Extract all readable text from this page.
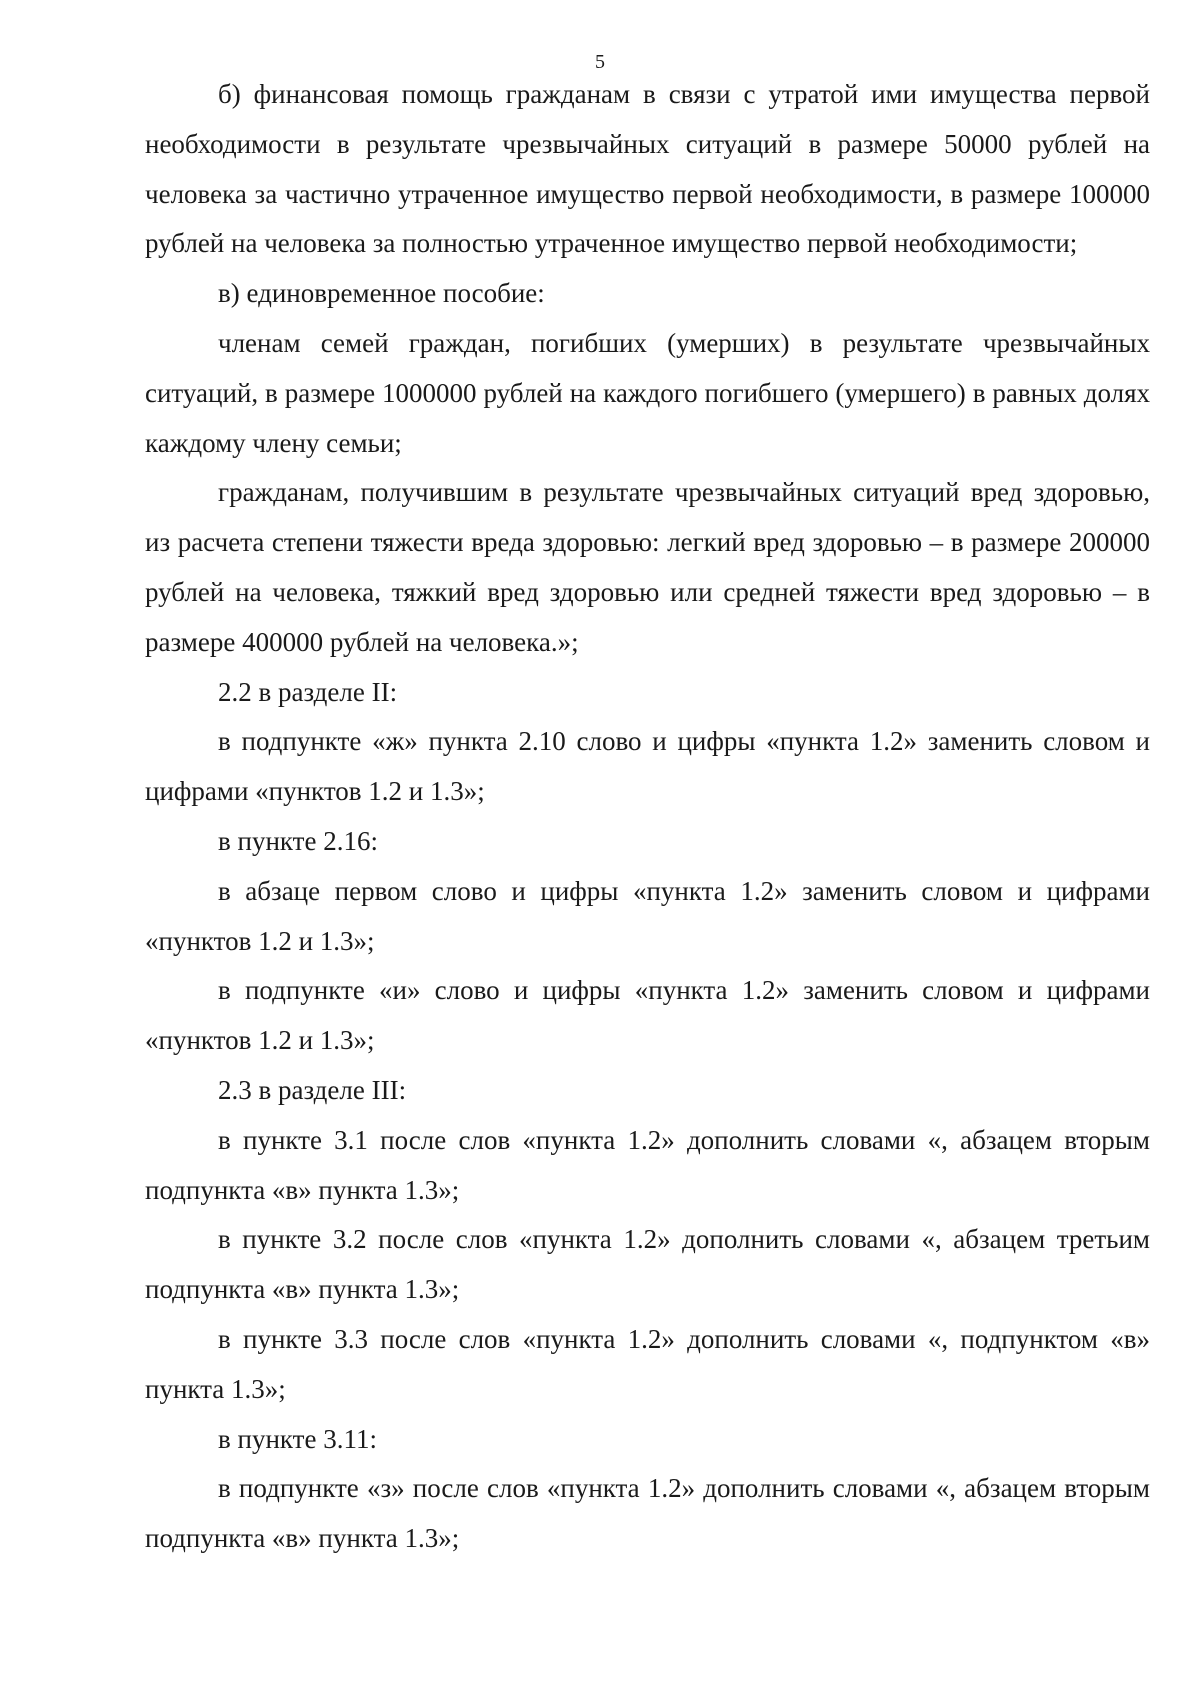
5

б) финансовая помощь гражданам в связи с утратой ими имущества первой необходимости в результате чрезвычайных ситуаций в размере 50000 рублей на человека за частично утраченное имущество первой необходимости, в размере 100000 рублей на человека за полностью утраченное имущество первой необходимости;

в) единовременное пособие:

членам семей граждан, погибших (умерших) в результате чрезвычайных ситуаций, в размере 1000000 рублей на каждого погибшего (умершего) в равных долях каждому члену семьи;

гражданам, получившим в результате чрезвычайных ситуаций вред здоровью, из расчета степени тяжести вреда здоровью: легкий вред здоровью – в размере 200000 рублей на человека, тяжкий вред здоровью или средней тяжести вред здоровью – в размере 400000 рублей на человека.»;

2.2 в разделе II:

в подпункте «ж» пункта 2.10 слово и цифры «пункта 1.2» заменить словом и цифрами «пунктов 1.2 и 1.3»;

в пункте 2.16:

в абзаце первом слово и цифры «пункта 1.2» заменить словом и цифрами «пунктов 1.2 и 1.3»;

в подпункте «и» слово и цифры «пункта 1.2» заменить словом и цифрами «пунктов 1.2 и 1.3»;

2.3 в разделе III:

в пункте 3.1 после слов «пункта 1.2» дополнить словами «, абзацем вторым подпункта «в» пункта 1.3»;

в пункте 3.2 после слов «пункта 1.2» дополнить словами «, абзацем третьим подпункта «в» пункта 1.3»;

в пункте 3.3 после слов «пункта 1.2» дополнить словами «, подпунктом «в» пункта 1.3»;

в пункте 3.11:

в подпункте «з» после слов «пункта 1.2» дополнить словами «, абзацем вторым подпункта «в» пункта 1.3»;
